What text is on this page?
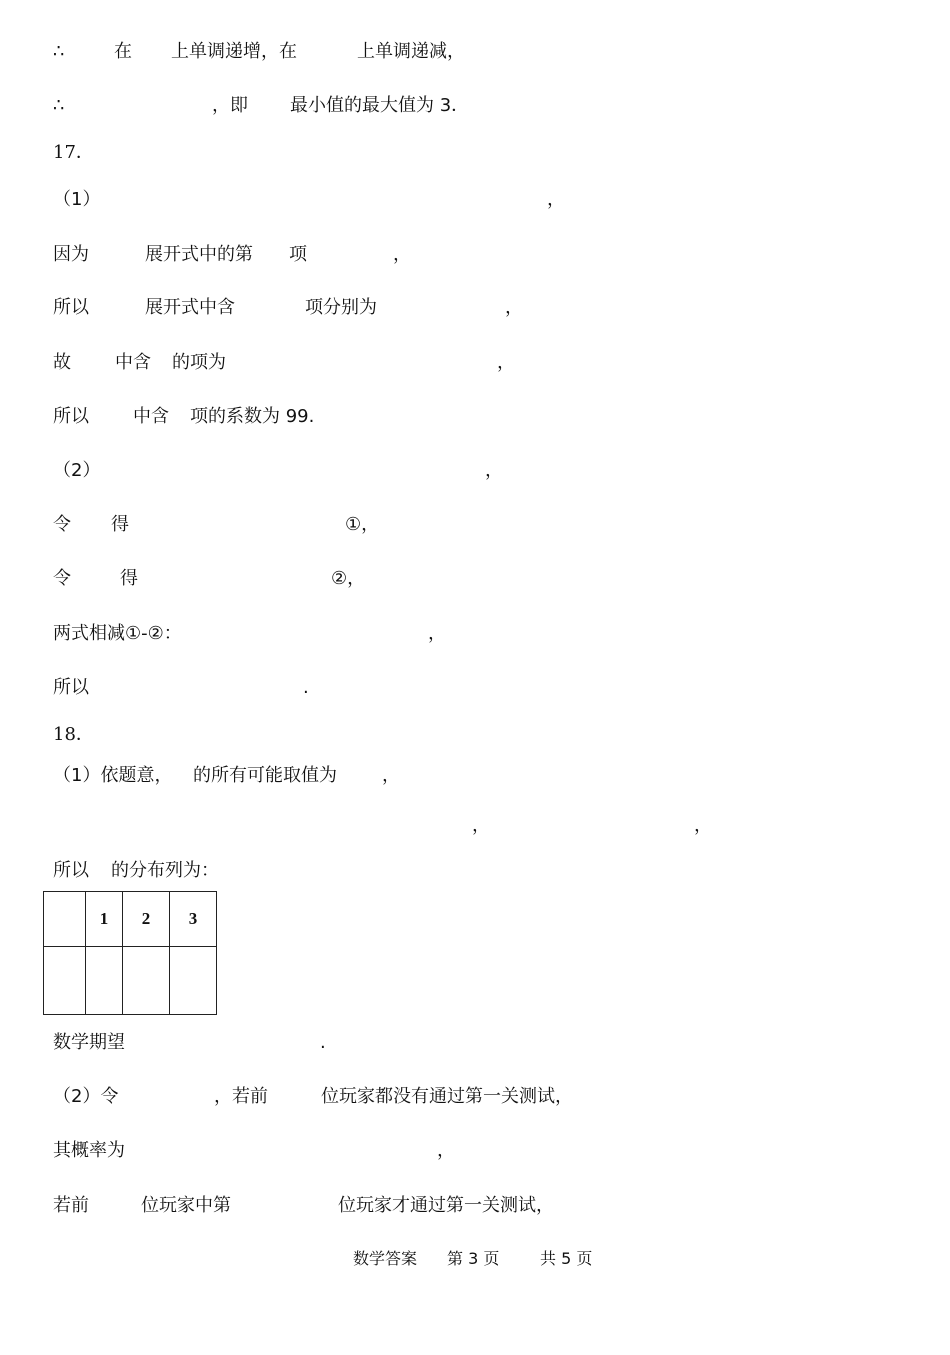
∴	在 上单调递增，在	上单调递减，
∴	，即 最小值的最大值为 3．
17．
（1）	，
因为	展开式中的第 项	，
所以	展开式中含	项分别为	，
故 中含 的项为	，
所以 中含 项的系数为 99.
（2）	，
令 得	①，
令	得	②，
两式相减①-②：	，
所以	.
18．
（1）依题意， 的所有可能取值为	，
，	，
所以 的分布列为：
	1	2	3

数学期望	.
（2）令	，若前	位玩家都没有通过第一关测试，
其概率为	，
若前	位玩家中第	位玩家才通过第一关测试，
数学答案 第 3 页	共 5 页
